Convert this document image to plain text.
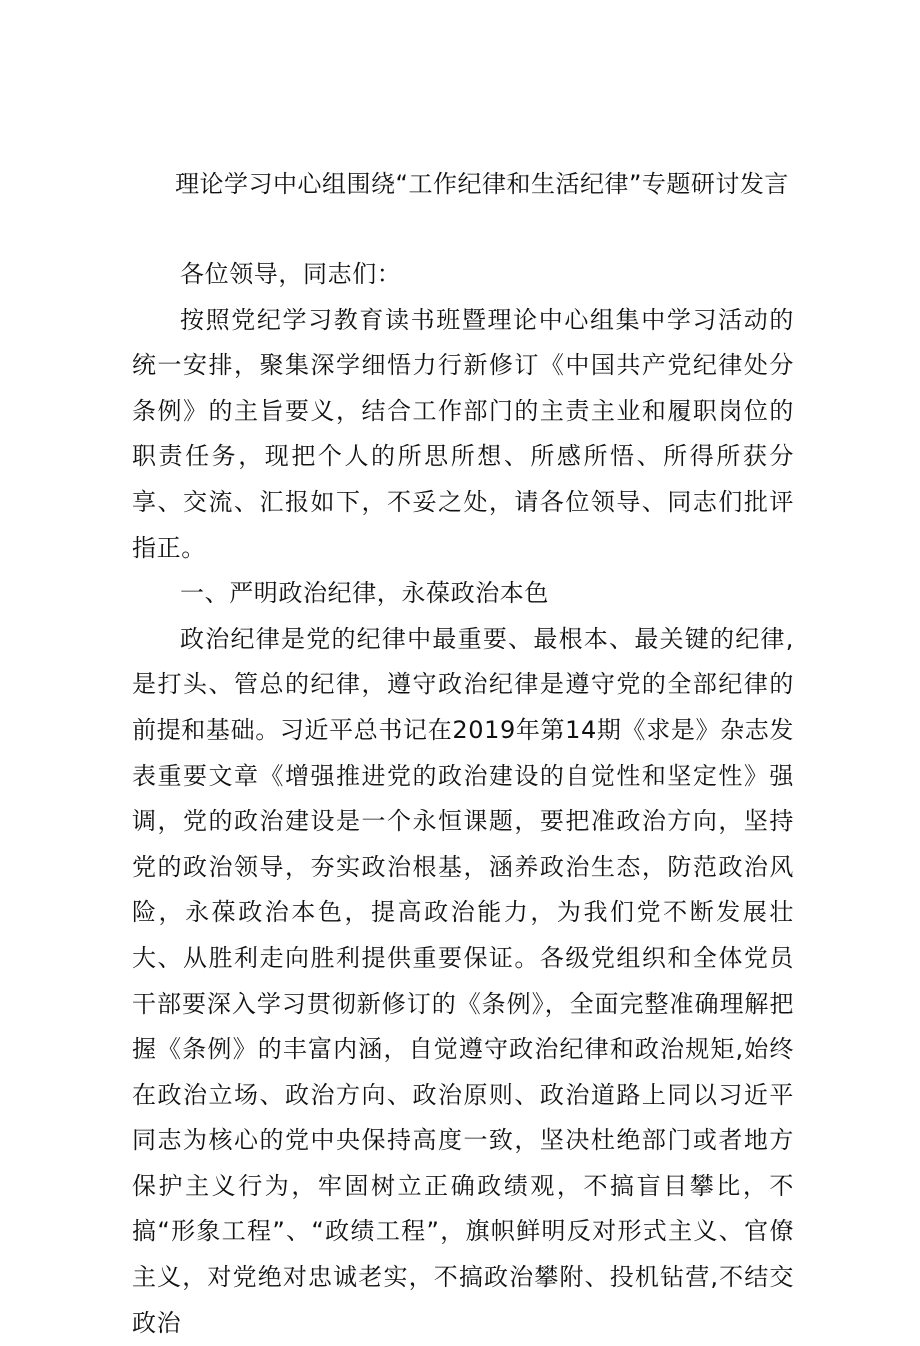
理论学习中心组围绕“工作纪律和生活纪律”专题研讨发言

各位领导，同志们：

按照党纪学习教育读书班暨理论中心组集中学习活动的统一安排，聚集深学细悟力行新修订《中国共产党纪律处分条例》的主旨要义，结合工作部门的主责主业和履职岗位的职责任务，现把个人的所思所想、所感所悟、所得所获分享、交流、汇报如下，不妥之处，请各位领导、同志们批评指正。

一、严明政治纪律，永葆政治本色

政治纪律是党的纪律中最重要、最根本、最关键的纪律,是打头、管总的纪律，遵守政治纪律是遵守党的全部纪律的前提和基础。习近平总书记在2019年第14期《求是》杂志发表重要文章《增强推进党的政治建设的自觉性和坚定性》强调，党的政治建设是一个永恒课题，要把准政治方向，坚持党的政治领导，夯实政治根基，涵养政治生态，防范政治风险，永葆政治本色，提高政治能力，为我们党不断发展壮大、从胜利走向胜利提供重要保证。各级党组织和全体党员干部要深入学习贯彻新修订的《条例》，全面完整准确理解把握《条例》的丰富内涵，自觉遵守政治纪律和政治规矩,始终在政治立场、政治方向、政治原则、政治道路上同以习近平同志为核心的党中央保持高度一致，坚决杜绝部门或者地方保护主义行为，牢固树立正确政绩观，不搞盲目攀比，不搞“形象工程”、“政绩工程”，旗帜鲜明反对形式主义、官僚主义，对党绝对忠诚老实，不搞政治攀附、投机钻营,不结交政治
